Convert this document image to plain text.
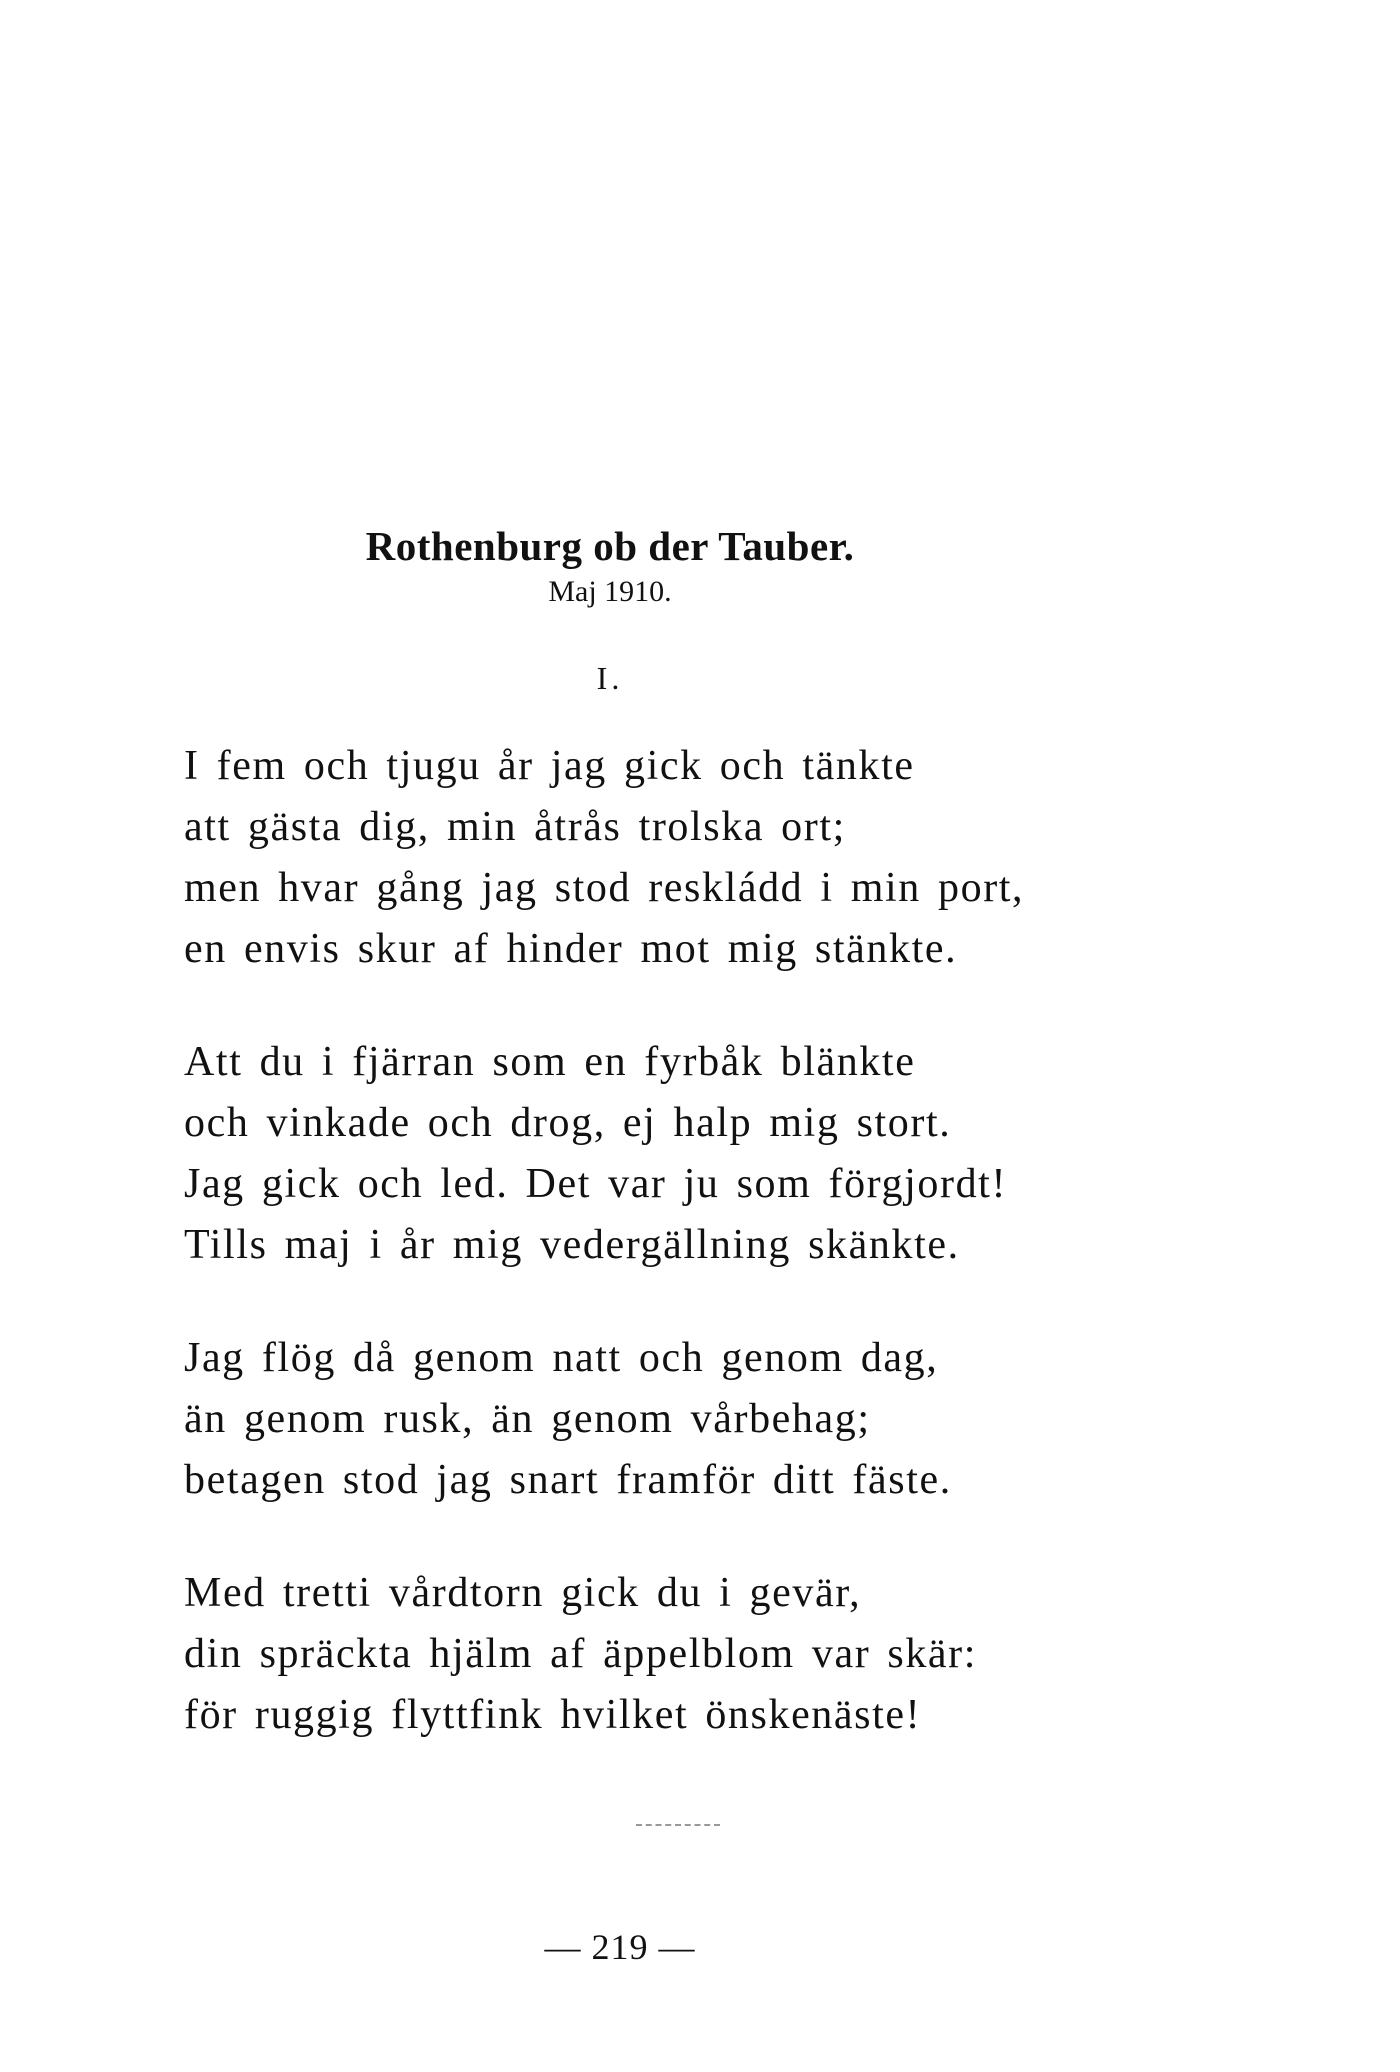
Rothenburg ob der Tauber.
Maj 1910.
I.
I fem och tjugu år jag gick och tänkte
att gästa dig, min åtrås trolska ort;
men hvar gång jag stod reskládd i min port,
en envis skur af hinder mot mig stänkte.
Att du i fjärran som en fyrbåk blänkte
och vinkade och drog, ej halp mig stort.
Jag gick och led. Det var ju som förgjordt!
Tills maj i år mig vedergällning skänkte.
Jag flög då genom natt och genom dag,
än genom rusk, än genom vårbehag;
betagen stod jag snart framför ditt fäste.
Med tretti vårdtorn gick du i gevär,
din spräckta hjälm af äppelblom var skär:
för ruggig flyttfink hvilket önskenäste!
— 219 —
